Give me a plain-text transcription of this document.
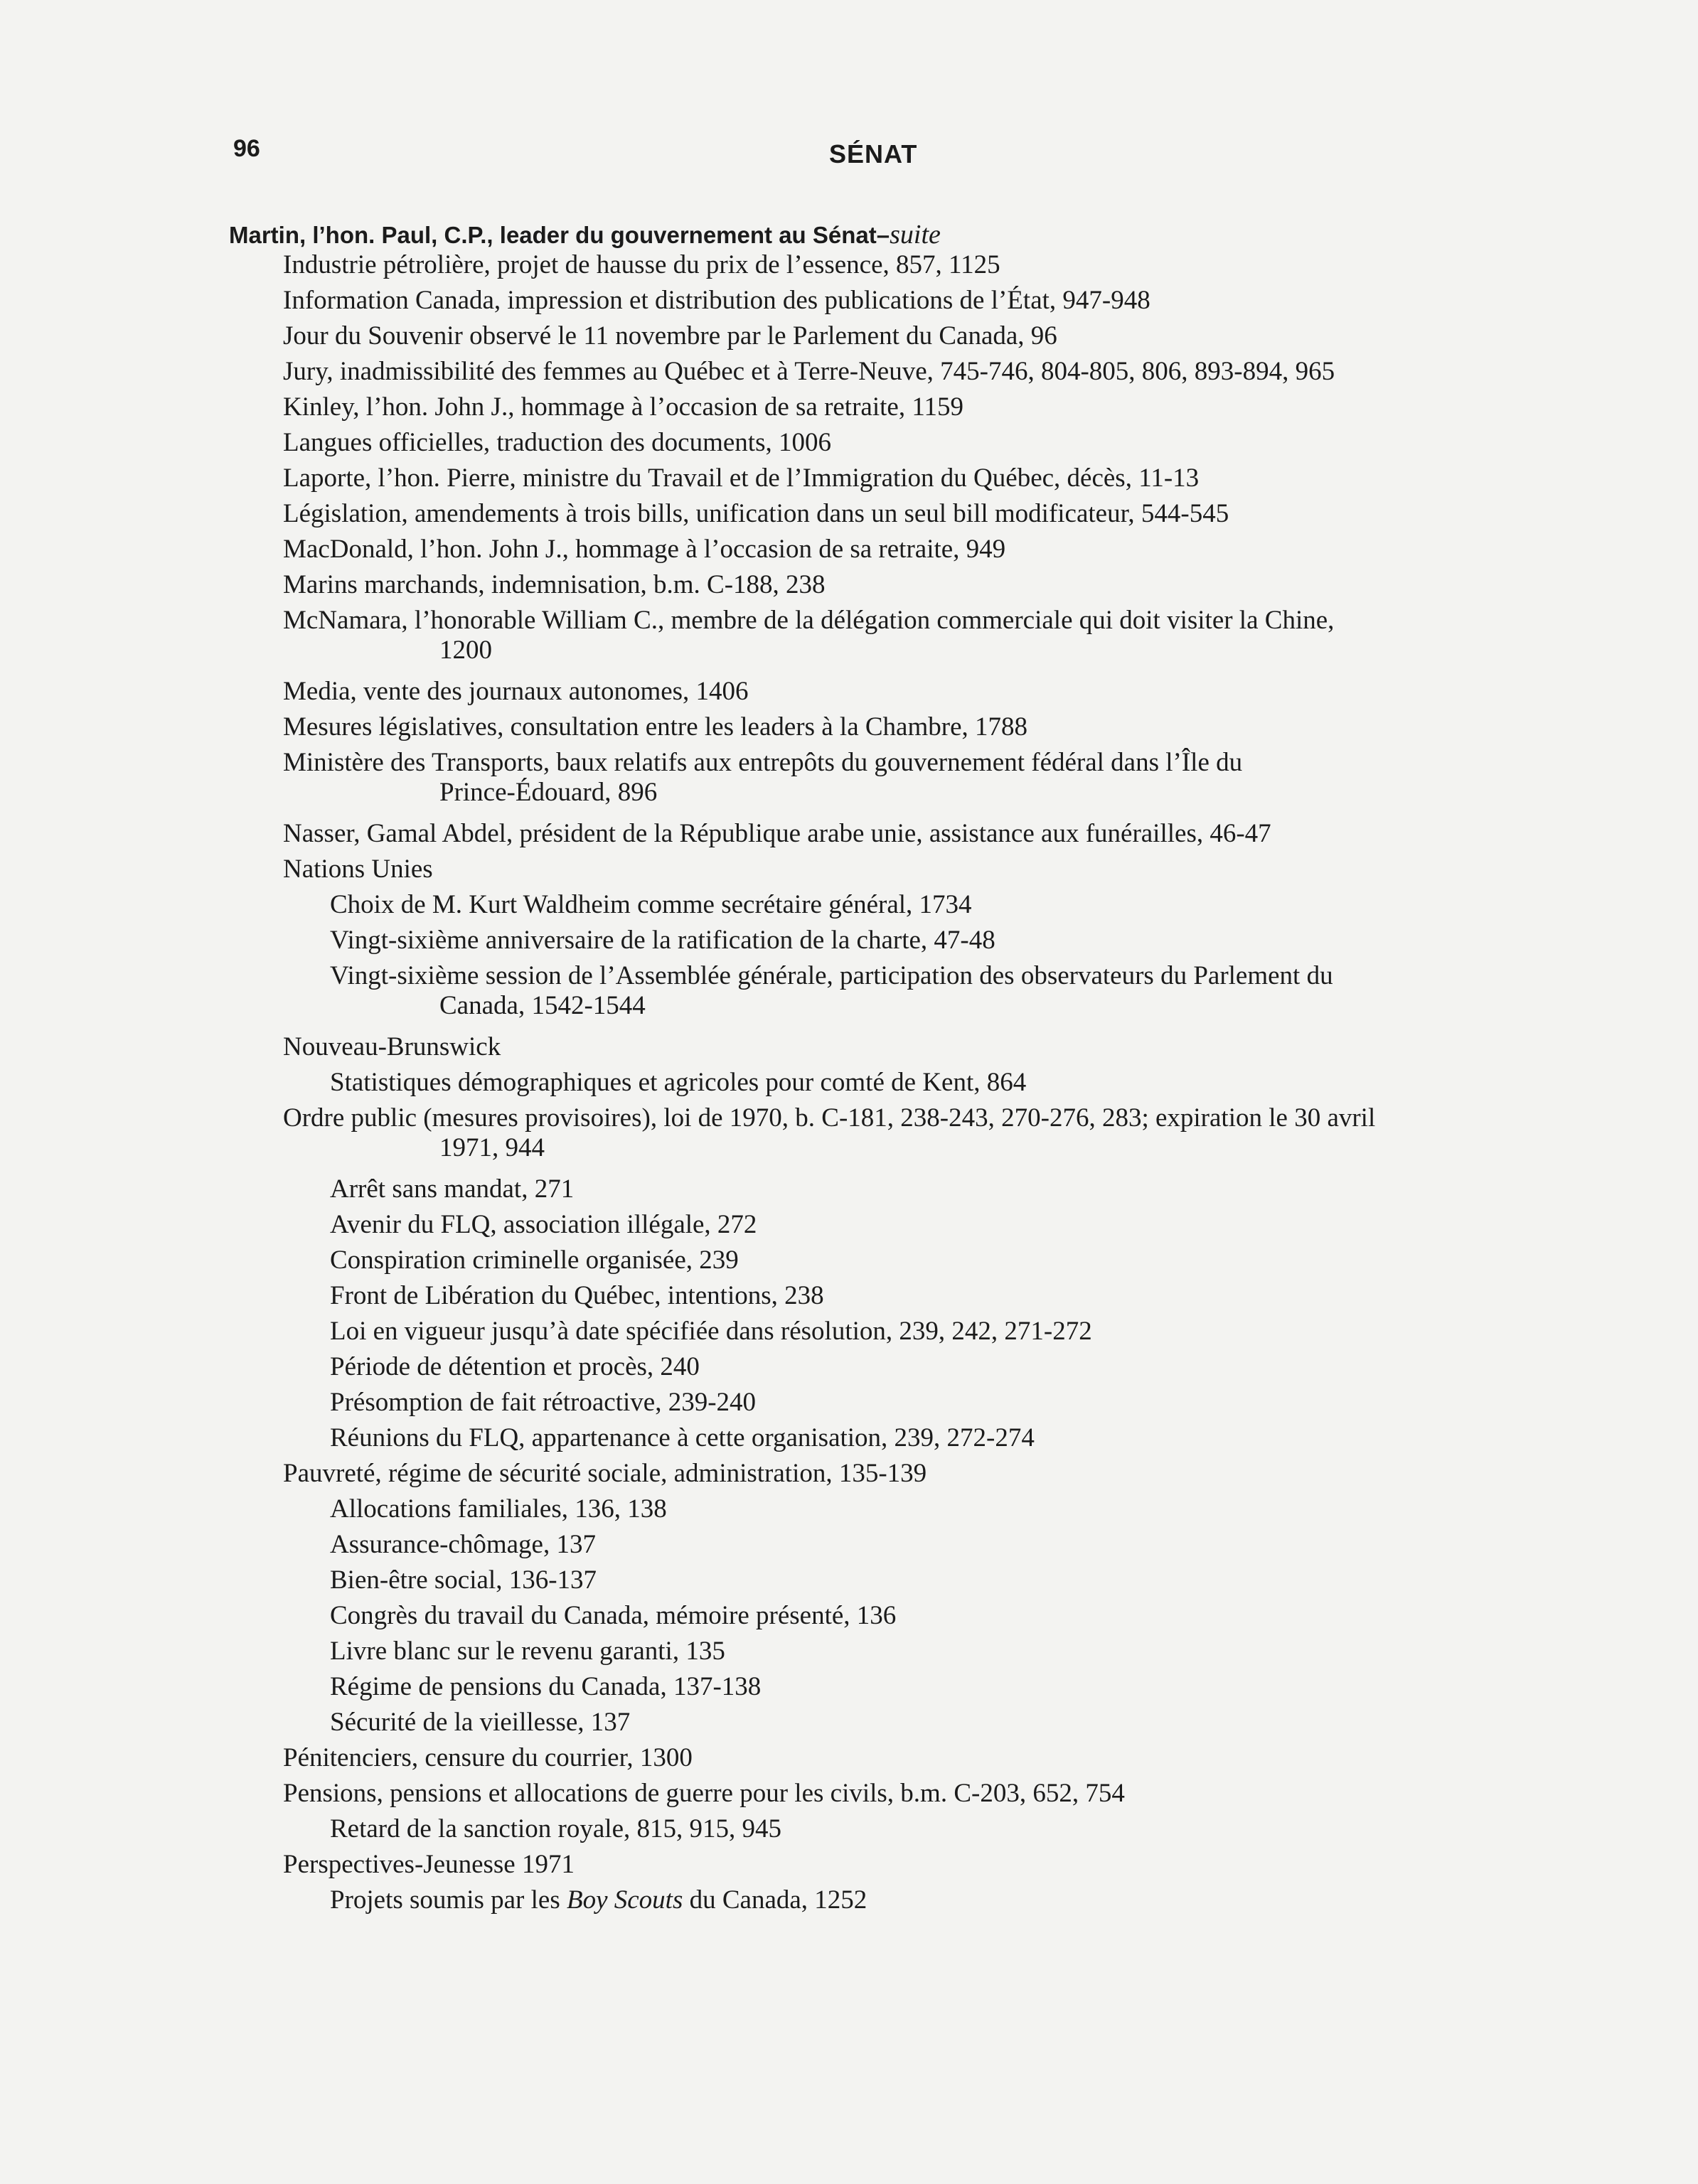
96	SÉNAT
Martin, l’hon. Paul, C.P., leader du gouvernement au Sénat–suite

Industrie pétrolière, projet de hausse du prix de l’essence, 857, 1125

Information Canada, impression et distribution des publications de l’État, 947-948

Jour du Souvenir observé le 11 novembre par le Parlement du Canada, 96

Jury, inadmissibilité des femmes au Québec et à Terre-Neuve, 745-746, 804-805, 806, 893-894, 965

Kinley, l’hon. John J., hommage à l’occasion de sa retraite, 1159

Langues officielles, traduction des documents, 1006

Laporte, l’hon. Pierre, ministre du Travail et de l’Immigration du Québec, décès, 11-13

Législation, amendements à trois bills, unification dans un seul bill modificateur, 544-545

MacDonald, l’hon. John J., hommage à l’occasion de sa retraite, 949

Marins marchands, indemnisation, b.m. C-188, 238

McNamara, l’honorable William C., membre de la délégation commerciale qui doit visiter la Chine,
1200

Media, vente des journaux autonomes, 1406

Mesures législatives, consultation entre les leaders à la Chambre, 1788

Ministère des Transports, baux relatifs aux entrepôts du gouvernement fédéral dans l’Île du
Prince-Édouard, 896

Nasser, Gamal Abdel, président de la République arabe unie, assistance aux funérailles, 46-47

Nations Unies

Choix de M. Kurt Waldheim comme secrétaire général, 1734

Vingt-sixième anniversaire de la ratification de la charte, 47-48

Vingt-sixième session de l’Assemblée générale, participation des observateurs du Parlement du
Canada, 1542-1544

Nouveau-Brunswick

Statistiques démographiques et agricoles pour comté de Kent, 864

Ordre public (mesures provisoires), loi de 1970, b. C-181, 238-243, 270-276, 283; expiration le 30 avril
1971, 944

Arrêt sans mandat, 271

Avenir du FLQ, association illégale, 272

Conspiration criminelle organisée, 239

Front de Libération du Québec, intentions, 238

Loi en vigueur jusqu’à date spécifiée dans résolution, 239, 242, 271-272

Période de détention et procès, 240

Présomption de fait rétroactive, 239-240

Réunions du FLQ, appartenance à cette organisation, 239, 272-274

Pauvreté, régime de sécurité sociale, administration, 135-139

Allocations familiales, 136, 138

Assurance-chômage, 137

Bien-être social, 136-137

Congrès du travail du Canada, mémoire présenté, 136

Livre blanc sur le revenu garanti, 135

Régime de pensions du Canada, 137-138

Sécurité de la vieillesse, 137

Pénitenciers, censure du courrier, 1300

Pensions, pensions et allocations de guerre pour les civils, b.m. C-203, 652, 754

Retard de la sanction royale, 815, 915, 945

Perspectives-Jeunesse 1971

Projets soumis par les Boy Scouts du Canada, 1252
